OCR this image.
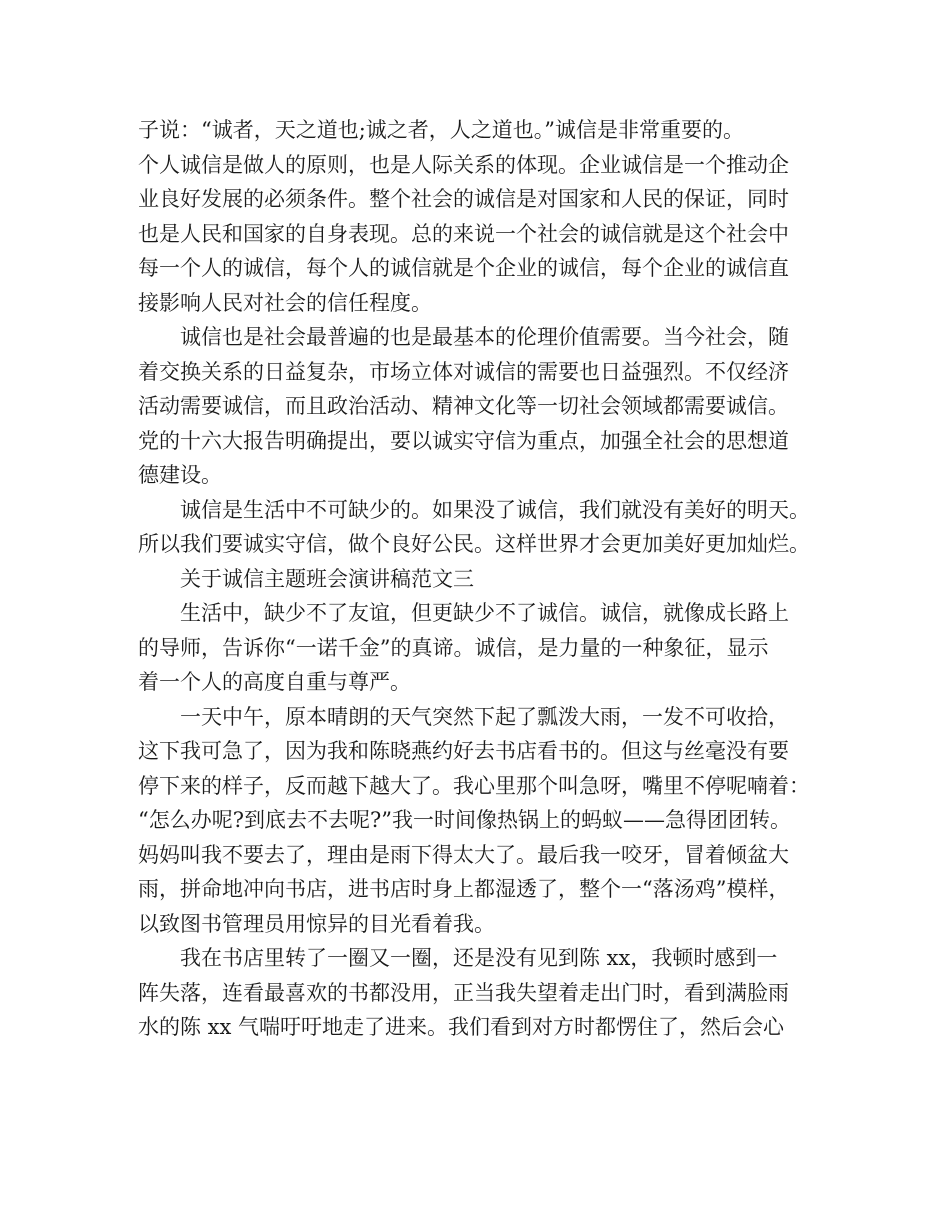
子说：“诚者，天之道也;诚之者，人之道也。”诚信是非常重要的。
个人诚信是做人的原则，也是人际关系的体现。企业诚信是一个推动企
业良好发展的必须条件。整个社会的诚信是对国家和人民的保证，同时
也是人民和国家的自身表现。总的来说一个社会的诚信就是这个社会中
每一个人的诚信，每个人的诚信就是个企业的诚信，每个企业的诚信直
接影响人民对社会的信任程度。
诚信也是社会最普遍的也是最基本的伦理价值需要。当今社会，随
着交换关系的日益复杂，市场立体对诚信的需要也日益强烈。不仅经济
活动需要诚信，而且政治活动、精神文化等一切社会领域都需要诚信。
党的十六大报告明确提出，要以诚实守信为重点，加强全社会的思想道
德建设。
诚信是生活中不可缺少的。如果没了诚信，我们就没有美好的明天。
所以我们要诚实守信，做个良好公民。这样世界才会更加美好更加灿烂。
关于诚信主题班会演讲稿范文三
生活中，缺少不了友谊，但更缺少不了诚信。诚信，就像成长路上
的导师，告诉你“一诺千金”的真谛。诚信，是力量的一种象征，显示
着一个人的高度自重与尊严。
一天中午，原本晴朗的天气突然下起了瓢泼大雨，一发不可收拾，
这下我可急了，因为我和陈晓燕约好去书店看书的。但这与丝毫没有要
停下来的样子，反而越下越大了。我心里那个叫急呀，嘴里不停呢喃着：
“怎么办呢?到底去不去呢?”我一时间像热锅上的蚂蚁——急得团团转。
妈妈叫我不要去了，理由是雨下得太大了。最后我一咬牙，冒着倾盆大
雨，拼命地冲向书店，进书店时身上都湿透了，整个一“落汤鸡”模样，
以致图书管理员用惊异的目光看着我。
我在书店里转了一圈又一圈，还是没有见到陈 xx，我顿时感到一
阵失落，连看最喜欢的书都没用，正当我失望着走出门时，看到满脸雨
水的陈 xx 气喘吁吁地走了进来。我们看到对方时都愣住了，然后会心
